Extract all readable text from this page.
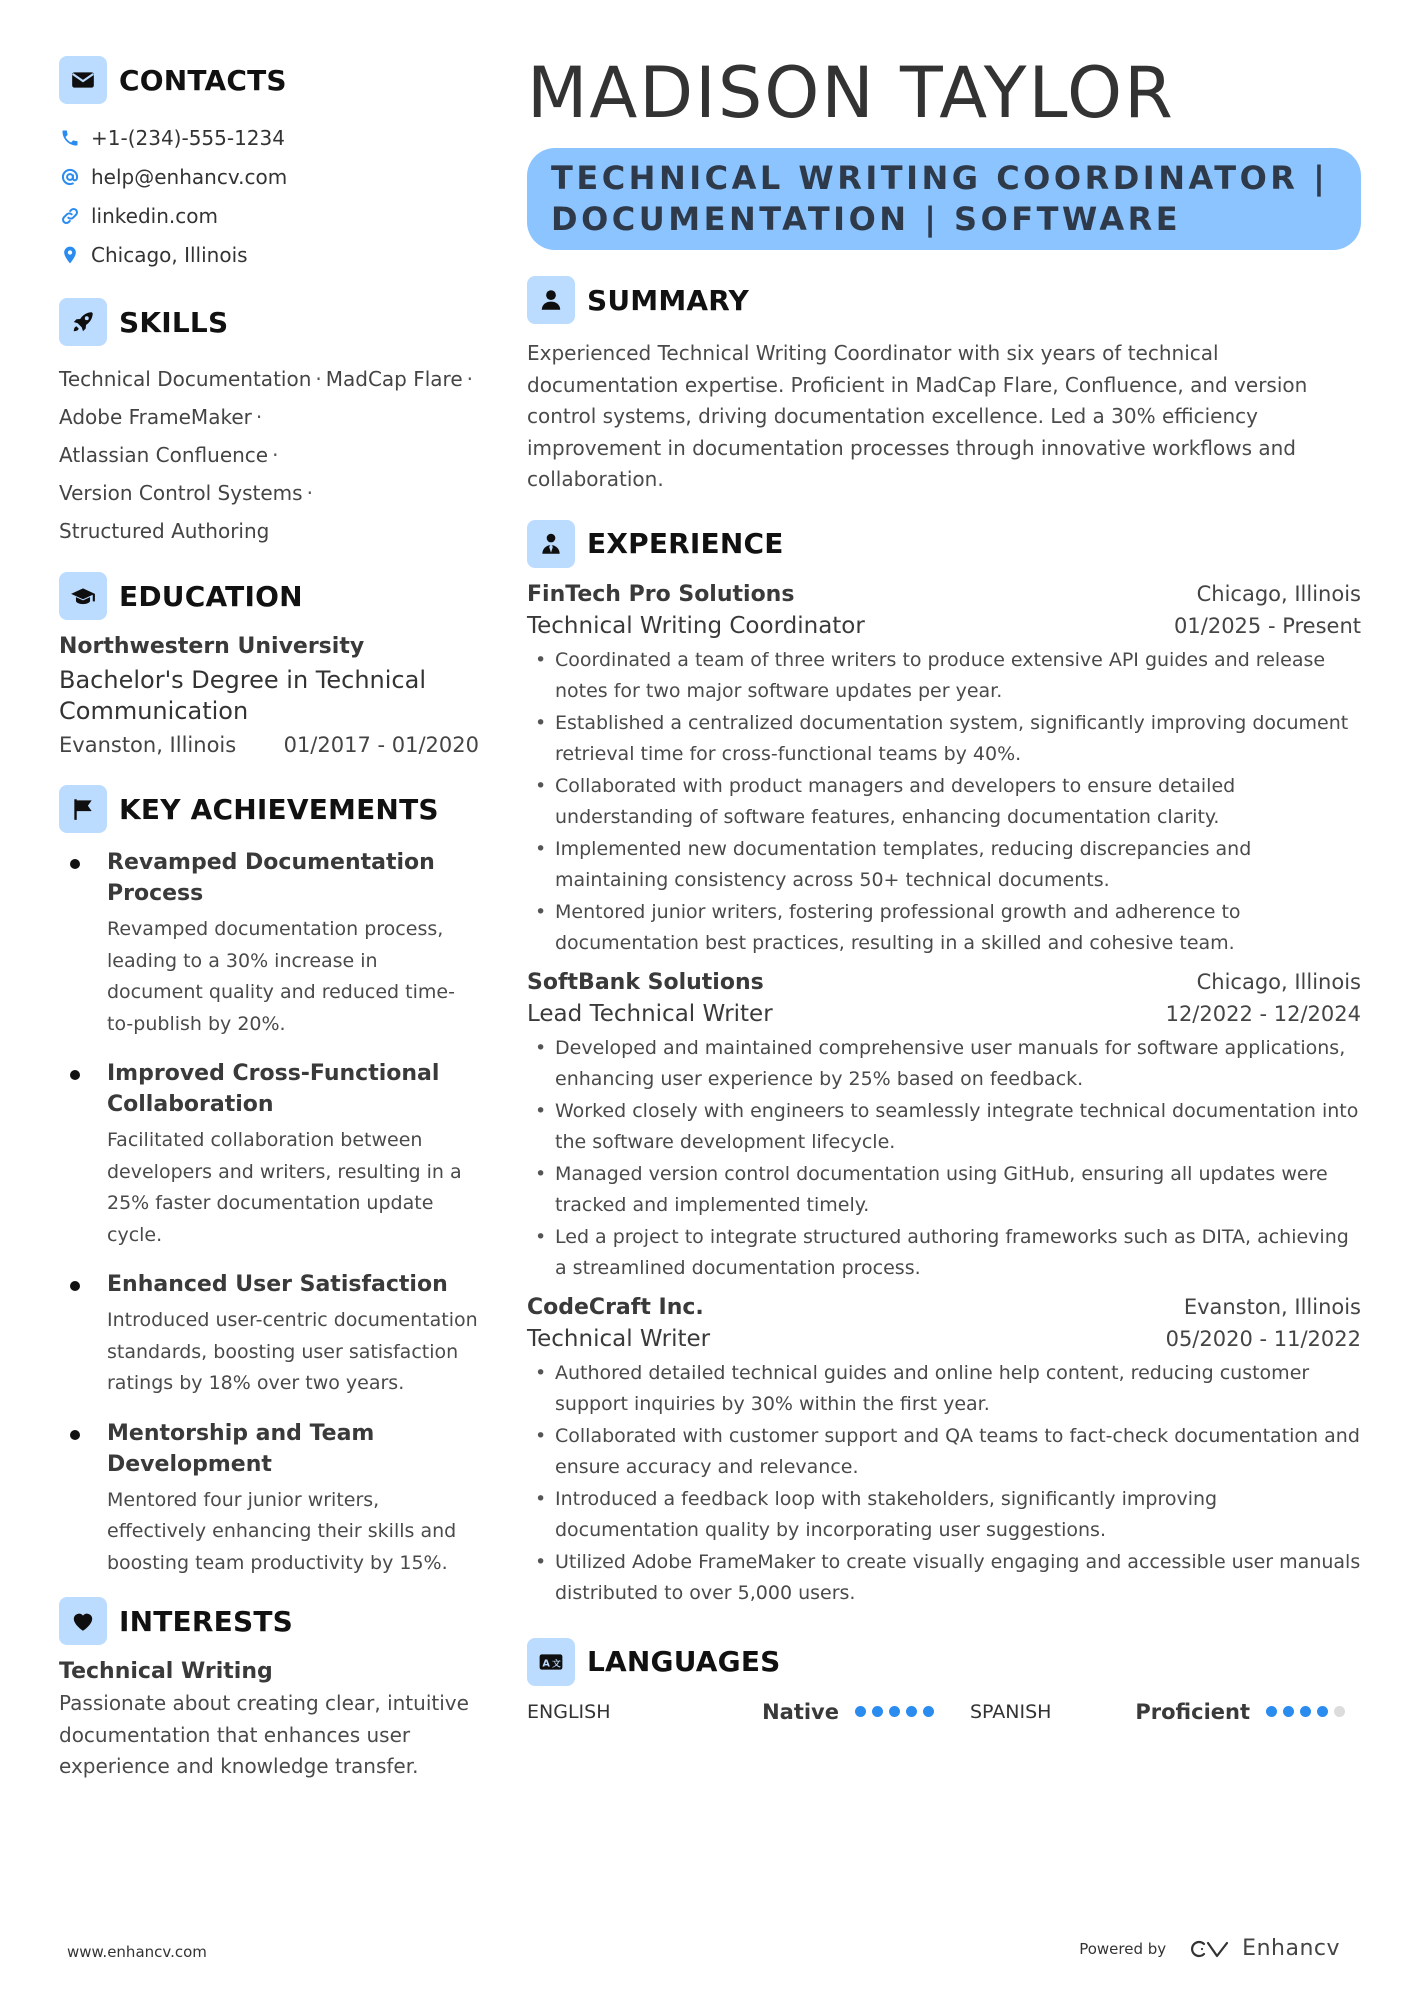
CONTACTS
+1-(234)-555-1234
help@enhancv.com
linkedin.com
Chicago, Illinois
SKILLS
Technical Documentation · MadCap Flare ·
Adobe FrameMaker ·
Atlassian Confluence ·
Version Control Systems ·
Structured Authoring
EDUCATION
Northwestern University
Bachelor's Degree in Technical Communication
Evanston, Illinois 01/2017 - 01/2020
KEY ACHIEVEMENTS
Revamped Documentation Process
Revamped documentation process, leading to a 30% increase in document quality and reduced time-to-publish by 20%.
Improved Cross-Functional Collaboration
Facilitated collaboration between developers and writers, resulting in a 25% faster documentation update cycle.
Enhanced User Satisfaction
Introduced user-centric documentation standards, boosting user satisfaction ratings by 18% over two years.
Mentorship and Team Development
Mentored four junior writers, effectively enhancing their skills and boosting team productivity by 15%.
INTERESTS
Technical Writing
Passionate about creating clear, intuitive documentation that enhances user experience and knowledge transfer.
MADISON TAYLOR
TECHNICAL WRITING COORDINATOR | DOCUMENTATION | SOFTWARE
SUMMARY
Experienced Technical Writing Coordinator with six years of technical documentation expertise. Proficient in MadCap Flare, Confluence, and version control systems, driving documentation excellence. Led a 30% efficiency improvement in documentation processes through innovative workflows and collaboration.
EXPERIENCE
FinTech Pro Solutions	Chicago, Illinois
Technical Writing Coordinator	01/2025 - Present
• Coordinated a team of three writers to produce extensive API guides and release notes for two major software updates per year.
• Established a centralized documentation system, significantly improving document retrieval time for cross-functional teams by 40%.
• Collaborated with product managers and developers to ensure detailed understanding of software features, enhancing documentation clarity.
• Implemented new documentation templates, reducing discrepancies and maintaining consistency across 50+ technical documents.
• Mentored junior writers, fostering professional growth and adherence to documentation best practices, resulting in a skilled and cohesive team.
SoftBank Solutions	Chicago, Illinois
Lead Technical Writer	12/2022 - 12/2024
• Developed and maintained comprehensive user manuals for software applications, enhancing user experience by 25% based on feedback.
• Worked closely with engineers to seamlessly integrate technical documentation into the software development lifecycle.
• Managed version control documentation using GitHub, ensuring all updates were tracked and implemented timely.
• Led a project to integrate structured authoring frameworks such as DITA, achieving a streamlined documentation process.
CodeCraft Inc.	Evanston, Illinois
Technical Writer	05/2020 - 11/2022
• Authored detailed technical guides and online help content, reducing customer support inquiries by 30% within the first year.
• Collaborated with customer support and QA teams to fact-check documentation and ensure accuracy and relevance.
• Introduced a feedback loop with stakeholders, significantly improving documentation quality by incorporating user suggestions.
• Utilized Adobe FrameMaker to create visually engaging and accessible user manuals distributed to over 5,000 users.
A 文 LANGUAGES
ENGLISH	Native	SPANISH	Proficient
www.enhancv.com	Powered by	Enhancv
